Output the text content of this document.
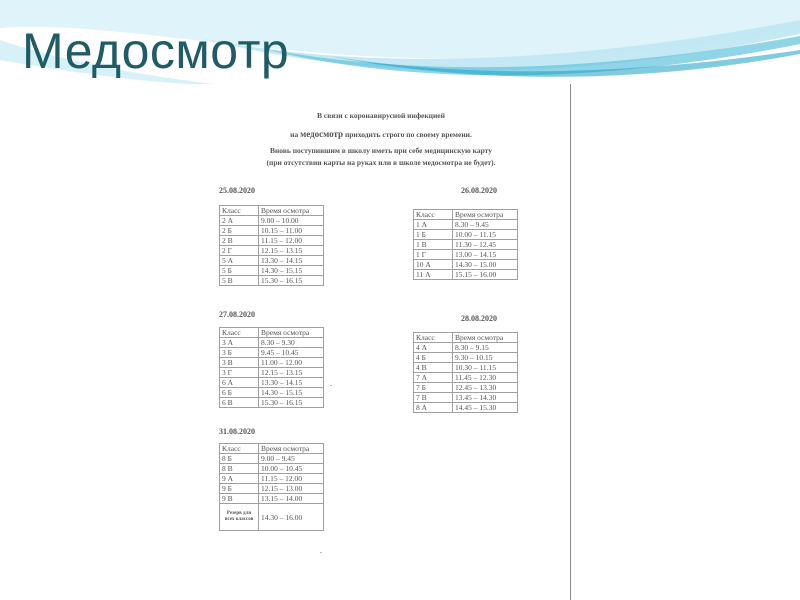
Медосмотр
В связи с коронавирусной инфекцией
на медосмотр приходить строго по своему времени.
Вновь поступившим в школу иметь при себе медицинскую карту
(при отсутствии карты на руках или в школе медосмотра не будет).
25.08.2020
Класс	Время осмотра
2 А	9.00 – 10.00
2 Б	10.15 – 11.00
2 В	11.15 – 12.00
2 Г	12.15 – 13.15
5 А	13.30 – 14.15
5 Б	14.30 – 15.15
5 В	15.30 – 16.15
26.08.2020
Класс	Время осмотра
1 А	8.30 – 9.45
1 Б	10.00 – 11.15
1 В	11.30 – 12.45
1 Г	13.00 – 14.15
10 А	14.30 – 15.00
11 А	15.15 – 16.00
27.08.2020
Класс	Время осмотра
3 А	8.30 – 9.30
3 Б	9.45 – 10.45
3 В	11.00 – 12.00
3 Г	12.15 – 13.15
6 А	13.30 – 14.15
6 Б	14.30 – 15.15
6 В	15.30 – 16.15
28.08.2020
Класс	Время осмотра
4 А	8.30 – 9.15
4 Б	9.30 – 10.15
4 В	10.30 – 11.15
7 А	11.45 – 12.30
7 Б	12.45 – 13.30
7 В	13.45 – 14.30
8 А	14.45 – 15.30
31.08.2020
Класс	Время осмотра
8 Б	9.00 – 9.45
8 В	10.00 – 10.45
9 А	11.15 – 12.00
9 Б	12.15 – 13.00
9 В	13.15 – 14.00
Резерв для всех классов	14.30 – 16.00
